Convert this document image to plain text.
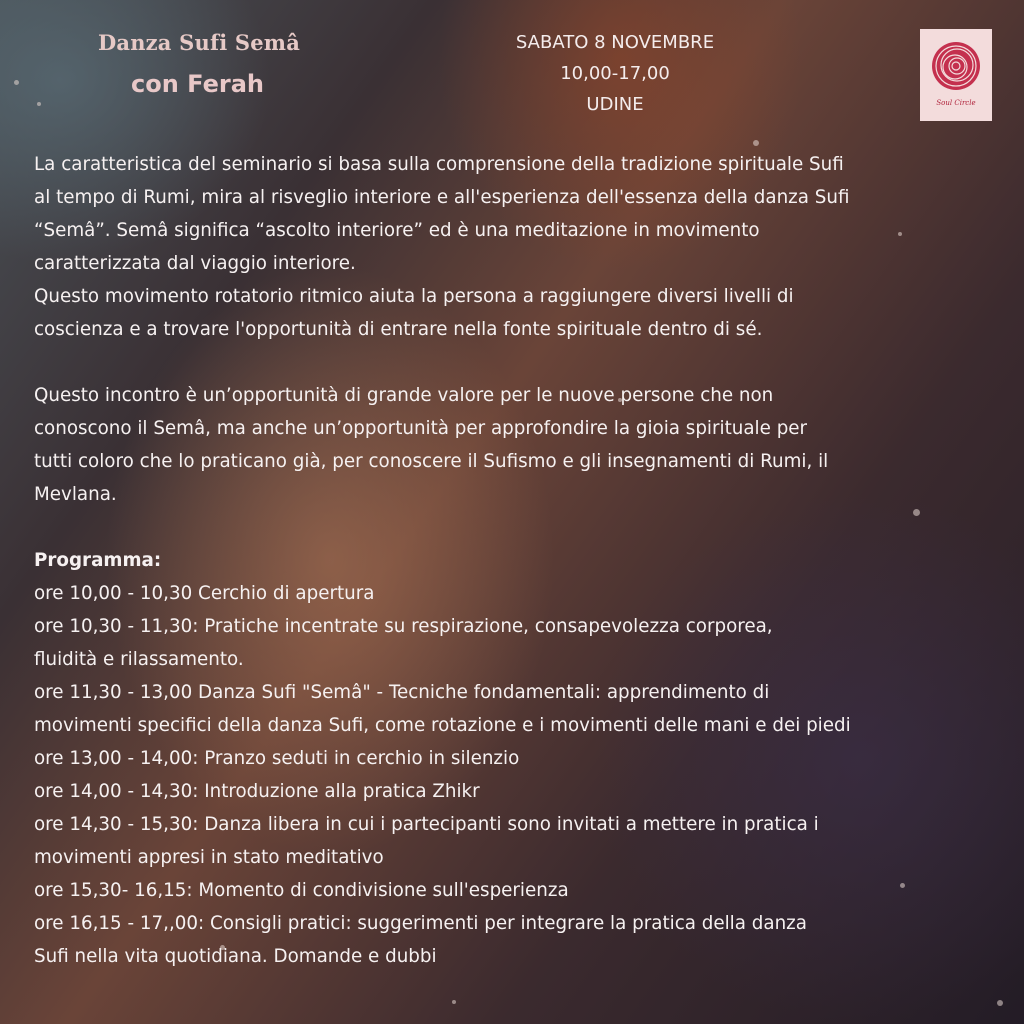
Danza Sufi Semâ
con Ferah
SABATO 8 NOVEMBRE
10,00-17,00
UDINE	Soul Circle

La caratteristica del seminario si basa sulla comprensione della tradizione spirituale Sufi

al tempo di Rumi, mira al risveglio interiore e all'esperienza dell'essenza della danza Sufi

“Semâ”. Semâ significa “ascolto interiore” ed è una meditazione in movimento

caratterizzata dal viaggio interiore.

Questo movimento rotatorio ritmico aiuta la persona a raggiungere diversi livelli di

coscienza e a trovare l'opportunità di entrare nella fonte spirituale dentro di sé.

Questo incontro è un’opportunità di grande valore per le nuove persone che non

conoscono il Semâ, ma anche un’opportunità per approfondire la gioia spirituale per

tutti coloro che lo praticano già, per conoscere il Sufismo e gli insegnamenti di Rumi, il

Mevlana.

Programma:

ore 10,00 - 10,30 Cerchio di apertura

ore 10,30 - 11,30: Pratiche incentrate su respirazione, consapevolezza corporea,

fluidità e rilassamento.

ore 11,30 - 13,00 Danza Sufi "Semâ" - Tecniche fondamentali: apprendimento di

movimenti specifici della danza Sufi, come rotazione e i movimenti delle mani e dei piedi

ore 13,00 - 14,00: Pranzo seduti in cerchio in silenzio

ore 14,00 - 14,30: Introduzione alla pratica Zhikr

ore 14,30 - 15,30: Danza libera in cui i partecipanti sono invitati a mettere in pratica i

movimenti appresi in stato meditativo

ore 15,30- 16,15: Momento di condivisione sull'esperienza

ore 16,15 - 17,,00: Consigli pratici: suggerimenti per integrare la pratica della danza

Sufi nella vita quotidiana. Domande e dubbi
